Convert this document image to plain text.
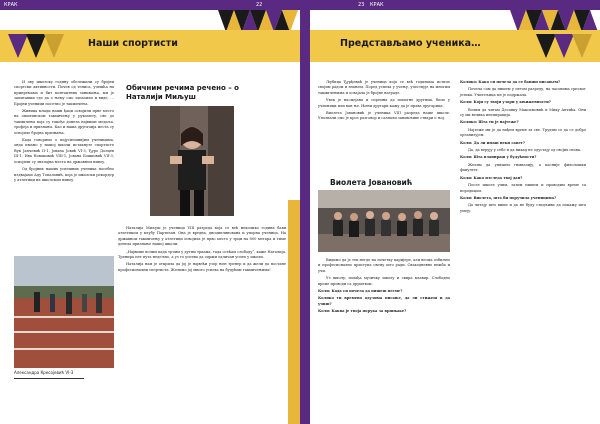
КРАК	22
Наши спортисти

И ову школску годину обележили су бројни спортски активности. Почев од тениса, учешћа на припремама и бит контактних занимања, ми је запитавши где да о њему смо запазили и виде, … Бројни ученици посетио је такмичења.

Живица млади наши ђаци освојили прве место на општинском такмичењу у рукомету, све до такмичења која су такође донела највише медаља, трофеја и признања. Као и наша другачија места су освојиле бројна признања.

Када говоримо о најуспешнијим ученицима, онда имамо у нашој школи истакнуте спортисте Вук Јанчевић II-1, Јована Јовић VI-3, Ђуро Долцев III-1, Ива Новаковић VIII-1, Јована Бошковић VII-3, освојили су значајна места на државном нивоу.

Од бројних наших успешних ученика посебно издвајамо Аду Топаловић, која је школски рекордер у атлетици на школском нивоу.

Александра Кресојевић VI-3
Обичним речима речено – о Наталији Миљуш

Наталија Миљуш је ученица VIII разреда која се већ неколико година бави атлетиком у клубу Партизан. Она је вредна, дисциплинована и упорна ученица. На државном такмичењу у атлетици освојила је прво место у трци на 800 метара и тиме донела признање нашој школи.

„Највише волим када трчим у дугим тркама, тада осећам слободу“, каже Наталија. Тренира пет пута недељно, а уз то успева да одржи одличан успех у школи.

Наталија нам је открила да јој је највећи узор њен тренер и да жели да постане професионални спортиста. Желимо јој много успеха на будућим такмичењима!

23 КРАК
Представљамо ученика…

Љубица Ђурђевић је ученица која се већ годинама истиче својим радом и знањем. Поред успеха у учењу, учествује на многим такмичењима и освајала је бројне награде.

Увек је насмејана и спремна да помогне другима, било у учионици или ван ње. Њени другари кажу да је права другарица.

Виолета Јовановић је ученица VIII разреда наше школе. Упознали смо је кроз разговор и сазнали занимљиве ствари о њој.

Виолета Јовановић

Видимо да је тек негде на почетку каријере, али веома озбиљно и професионално приступа свему што ради. Свакодневно вежба и учи.

Уз школу, похађа музичку школу и свира клавир. Слободно време проводи са друштвом.

Коли: Када си почела да пишеш песме?

Колико ти времена одузима писање, да ли стижеш и да учиш?

Коли: Каква је твоја порука за вршњаке?

Колико: Како си почела да се бавиш писањем?

Почела сам да пишем у петом разреду, на часовима српског језика. Учитељица ме је подржала.

Коли: Који су твоји узори у књижевности?

Волим да читам Десанку Максимовић и Мику Антића. Они су ми велика инспирација.

Колико: Шта ти је најтеже?

Најтеже ми је да нађем време за све. Трудим се да се добро организујем.

Коли: Да ли имаш неки савет?

Да, да верују у себе и да никад не одустају од својих снова.

Коли: Шта планираш у будућности?

Желим да упишем гимназију, а касније филолошки факултет.

Коли: Како изгледа твој дан?

После школе учим, затим пишем и проводим време са породицом.

Коли: Виолета, шта би поручила ученицима?

Да читају што више и да не буду стидљиви да покажу шта умеју.
